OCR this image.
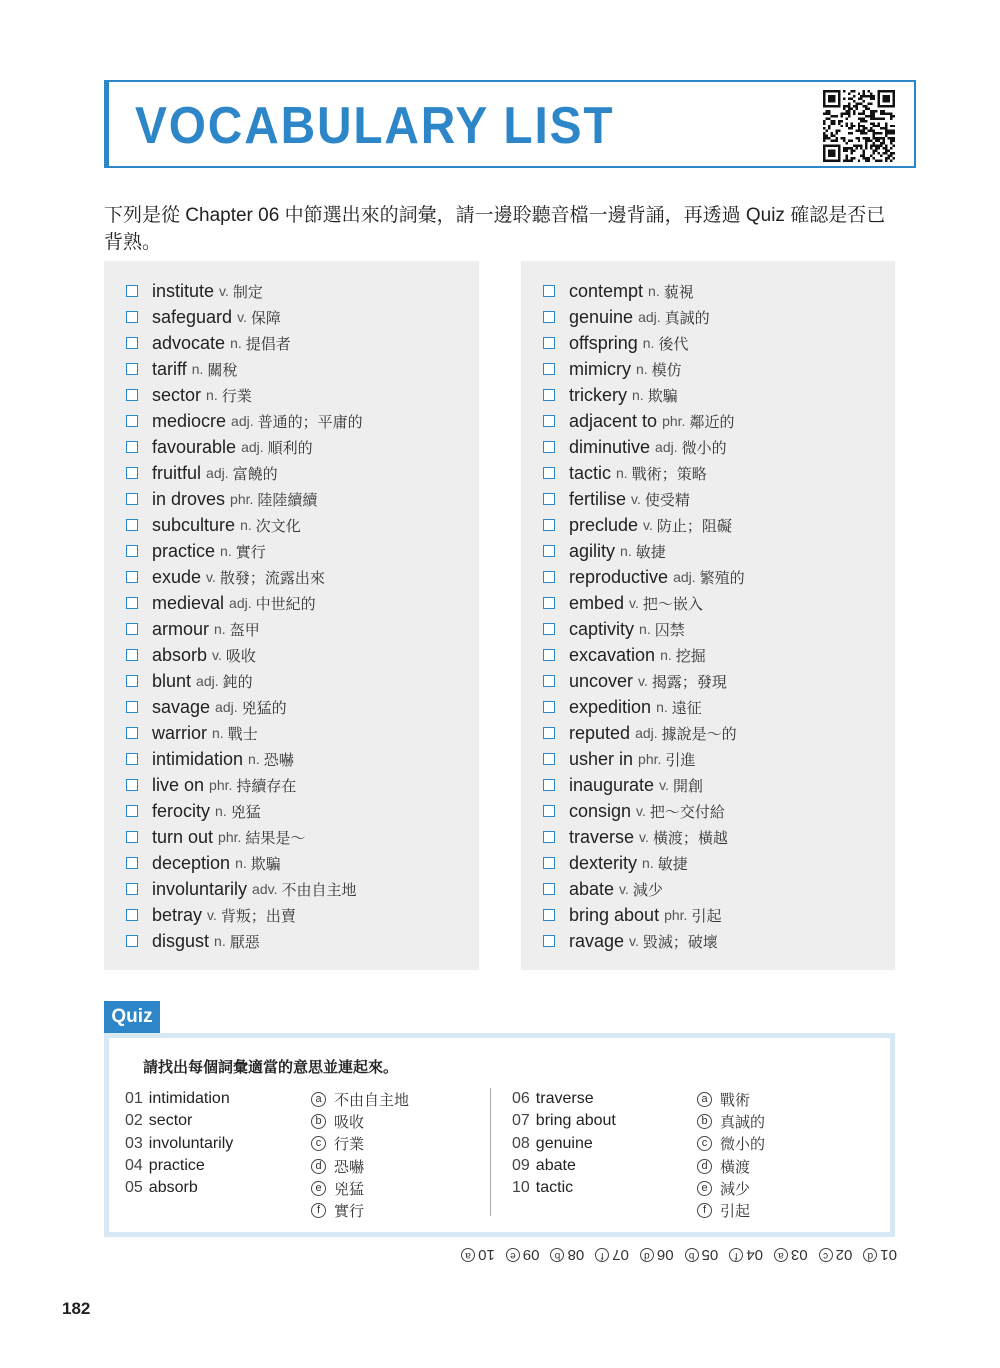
VOCABULARY LIST

下列是從 Chapter 06 中節選出來的詞彙，請一邊聆聽音檔一邊背誦，再透過 Quiz 確認是否已背熟。

institute v. 制定
safeguard v. 保障
advocate n. 提倡者
tariff n. 關稅
sector n. 行業
mediocre adj. 普通的；平庸的
favourable adj. 順利的
fruitful adj. 富饒的
in droves phr. 陸陸續續
subculture n. 次文化
practice n. 實行
exude v. 散發；流露出來
medieval adj. 中世紀的
armour n. 盔甲
absorb v. 吸收
blunt adj. 鈍的
savage adj. 兇猛的
warrior n. 戰士
intimidation n. 恐嚇
live on phr. 持續存在
ferocity n. 兇猛
turn out phr. 結果是～
deception n. 欺騙
involuntarily adv. 不由自主地
betray v. 背叛；出賣
disgust n. 厭惡
contempt n. 藐視
genuine adj. 真誠的
offspring n. 後代
mimicry n. 模仿
trickery n. 欺騙
adjacent to phr. 鄰近的
diminutive adj. 微小的
tactic n. 戰術；策略
fertilise v. 使受精
preclude v. 防止；阻礙
agility n. 敏捷
reproductive adj. 繁殖的
embed v. 把～嵌入
captivity n. 囚禁
excavation n. 挖掘
uncover v. 揭露；發現
expedition n. 遠征
reputed adj. 據說是～的
usher in phr. 引進
inaugurate v. 開創
consign v. 把～交付給
traverse v. 橫渡；橫越
dexterity n. 敏捷
abate v. 減少
bring about phr. 引起
ravage v. 毀滅；破壞
Quiz
請找出每個詞彙適當的意思並連起來。
01 intimidation
02 sector
03 involuntarily
04 practice
05 absorb
a 不由自主地
b 吸收
c 行業
d 恐嚇
e 兇猛
f 實行
06 traverse
07 bring about
08 genuine
09 abate
10 tactic
a 戰術
b 真誠的
c 微小的
d 橫渡
e 減少
f 引起
01
d
02
c
03
a
04
f
05
b
06
d
07
f
08
b
09
e
10
a
182
